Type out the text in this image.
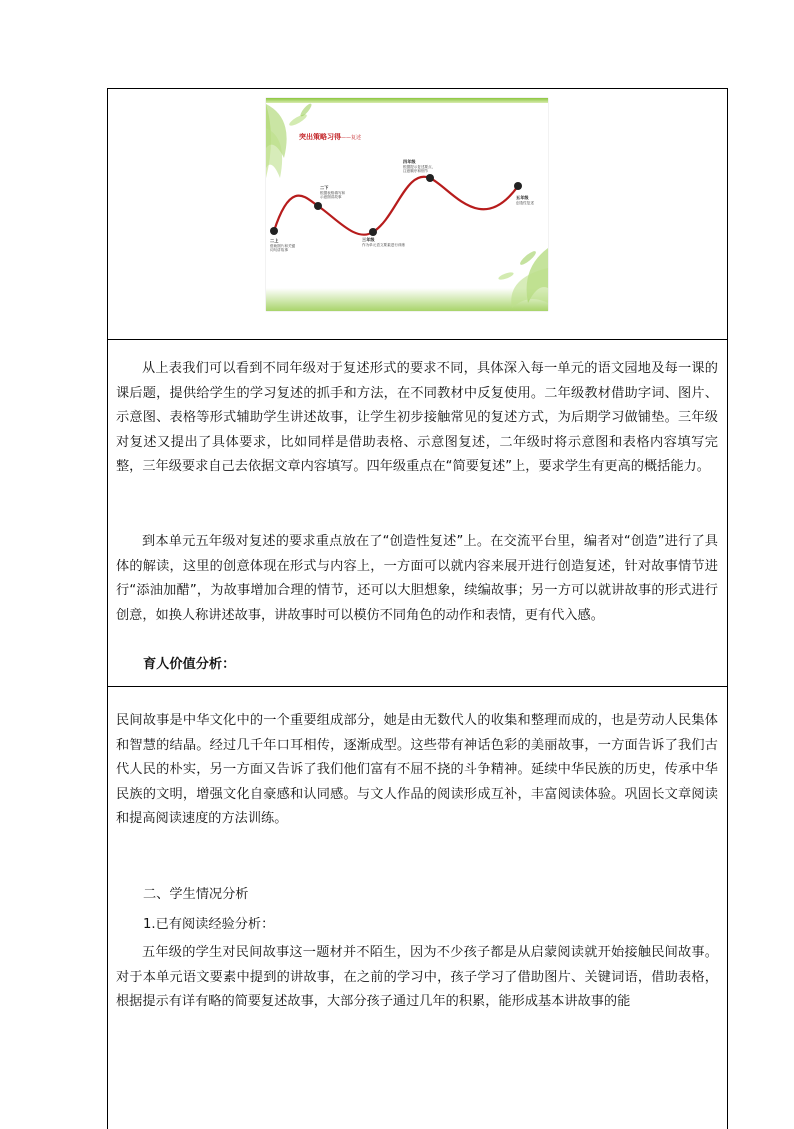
突出策略习得——复述
二上
借助图片和关键
词句讲故事
二下
根据表格填写和
示意图讲故事
三年级
作为单元语文要素进行训练
四年级
根据提示复述要点，
注意顺序和细节
五年级
创造性复述
从上表我们可以看到不同年级对于复述形式的要求不同，具体深入每一单元的语文园地及每一课的课后题，提供给学生的学习复述的抓手和方法，在不同教材中反复使用。二年级教材借助字词、图片、示意图、表格等形式辅助学生讲述故事，让学生初步接触常见的复述方式，为后期学习做铺垫。三年级对复述又提出了具体要求，比如同样是借助表格、示意图复述，二年级时将示意图和表格内容填写完整，三年级要求自己去依据文章内容填写。四年级重点在“简要复述”上，要求学生有更高的概括能力。
到本单元五年级对复述的要求重点放在了“创造性复述”上。在交流平台里，编者对“创造”进行了具体的解读，这里的创意体现在形式与内容上，一方面可以就内容来展开进行创造复述，针对故事情节进行“添油加醋”，为故事增加合理的情节，还可以大胆想象，续编故事；另一方可以就讲故事的形式进行创意，如换人称讲述故事，讲故事时可以模仿不同角色的动作和表情，更有代入感。
育人价值分析：
民间故事是中华文化中的一个重要组成部分，她是由无数代人的收集和整理而成的，也是劳动人民集体和智慧的结晶。经过几千年口耳相传，逐渐成型。这些带有神话色彩的美丽故事，一方面告诉了我们古代人民的朴实，另一方面又告诉了我们他们富有不屈不挠的斗争精神。延续中华民族的历史，传承中华民族的文明，增强文化自豪感和认同感。与文人作品的阅读形成互补，丰富阅读体验。巩固长文章阅读和提高阅读速度的方法训练。
二、学生情况分析
1.已有阅读经验分析：
五年级的学生对民间故事这一题材并不陌生，因为不少孩子都是从启蒙阅读就开始接触民间故事。对于本单元语文要素中提到的讲故事，在之前的学习中，孩子学习了借助图片、关键词语，借助表格，根据提示有详有略的简要复述故事，大部分孩子通过几年的积累，能形成基本讲故事的能
